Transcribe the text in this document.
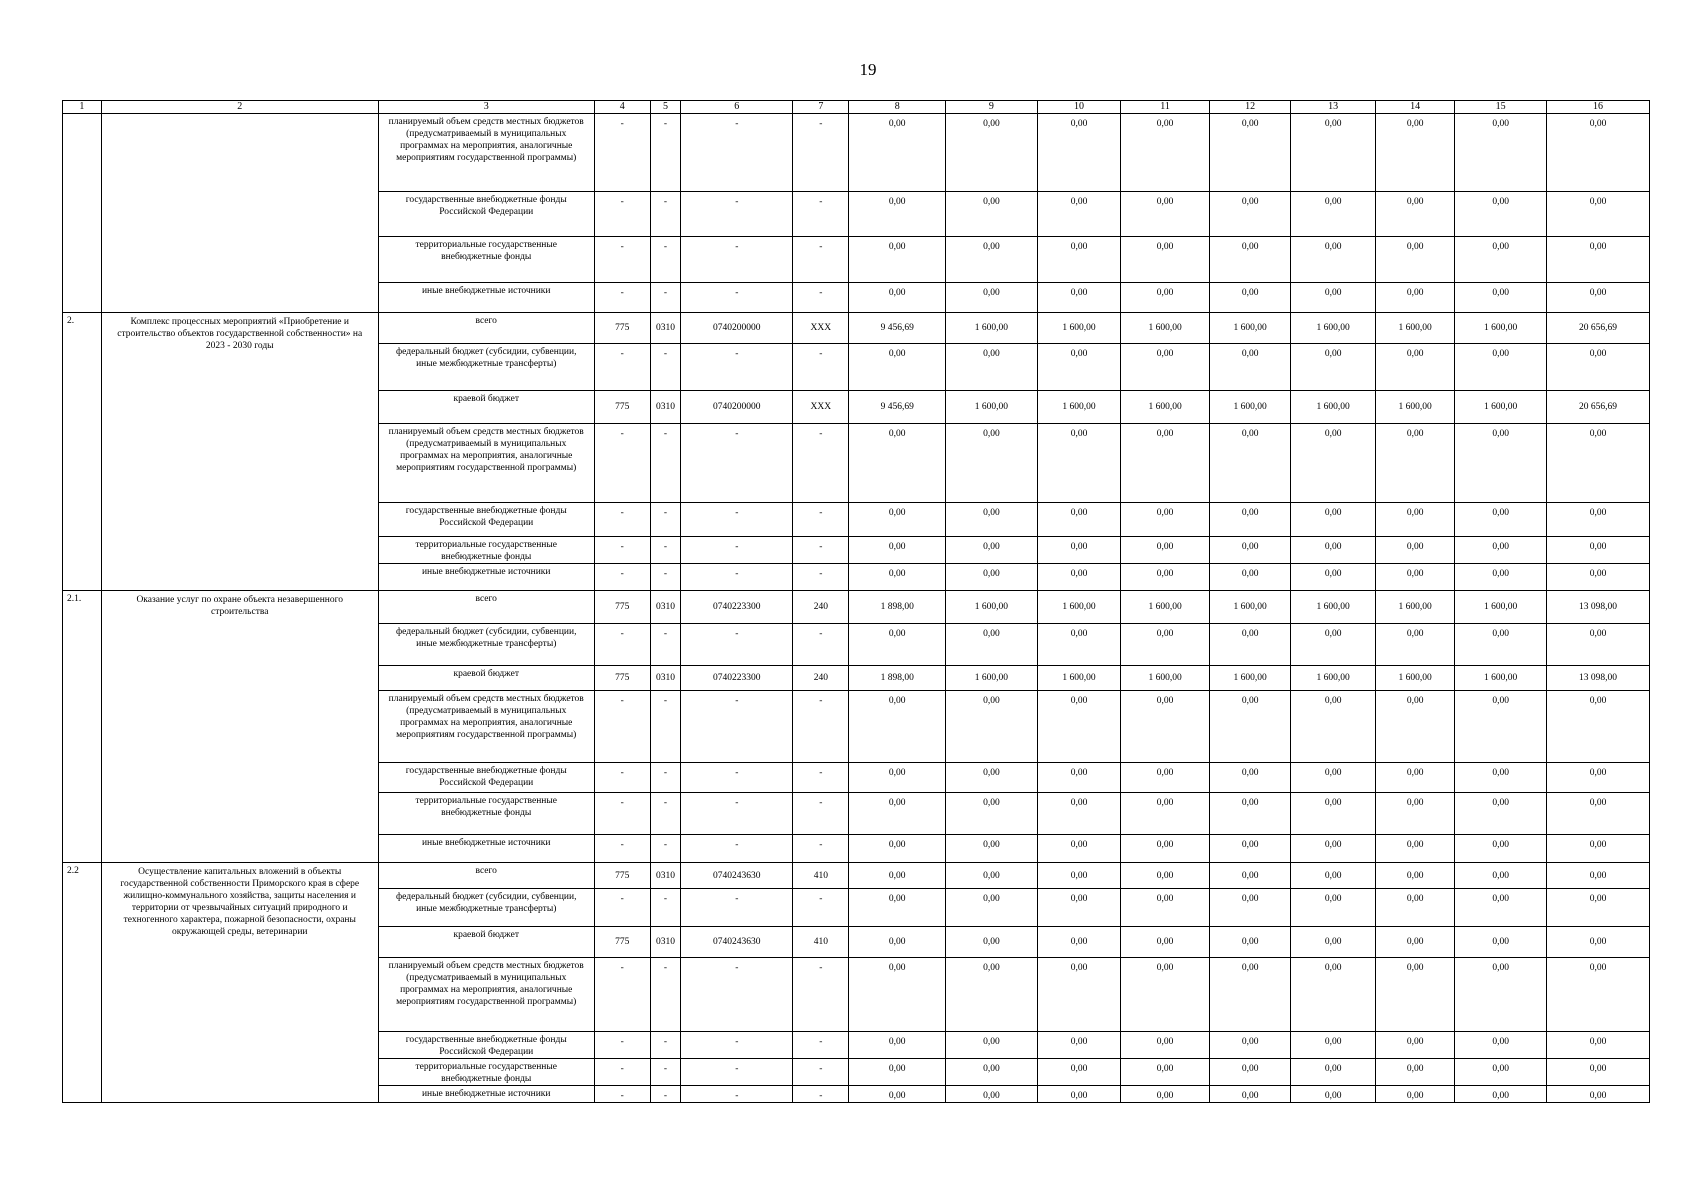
19
1	2	3	4	5	6	7	8	9	10	11	12	13	14	15	16
		планируемый объем средств местных бюджетов (предусматриваемый в муниципальных программах на мероприятия, аналогичные мероприятиям государственной программы)	-	-	-	-	0,00	0,00	0,00	0,00	0,00	0,00	0,00	0,00	0,00
		государственные внебюджетные фонды Российской Федерации	-	-	-	-	0,00	0,00	0,00	0,00	0,00	0,00	0,00	0,00	0,00
		территориальные государственные внебюджетные фонды	-	-	-	-	0,00	0,00	0,00	0,00	0,00	0,00	0,00	0,00	0,00
		иные внебюджетные источники	-	-	-	-	0,00	0,00	0,00	0,00	0,00	0,00	0,00	0,00	0,00
2.	Комплекс процессных мероприятий «Приобретение и строительство объектов государственной собственности» на 2023 - 2030 годы	всего	775	0310	0740200000	XXX	9 456,69	1 600,00	1 600,00	1 600,00	1 600,00	1 600,00	1 600,00	1 600,00	20 656,69
		федеральный бюджет (субсидии, субвенции, иные межбюджетные трансферты)	-	-	-	-	0,00	0,00	0,00	0,00	0,00	0,00	0,00	0,00	0,00
		краевой бюджет	775	0310	0740200000	XXX	9 456,69	1 600,00	1 600,00	1 600,00	1 600,00	1 600,00	1 600,00	1 600,00	20 656,69
		планируемый объем средств местных бюджетов (предусматриваемый в муниципальных программах на мероприятия, аналогичные мероприятиям государственной программы)	-	-	-	-	0,00	0,00	0,00	0,00	0,00	0,00	0,00	0,00	0,00
		государственные внебюджетные фонды Российской Федерации	-	-	-	-	0,00	0,00	0,00	0,00	0,00	0,00	0,00	0,00	0,00
		территориальные государственные внебюджетные фонды	-	-	-	-	0,00	0,00	0,00	0,00	0,00	0,00	0,00	0,00	0,00
		иные внебюджетные источники	-	-	-	-	0,00	0,00	0,00	0,00	0,00	0,00	0,00	0,00	0,00
2.1.	Оказание услуг по охране объекта незавершенного строительства	всего	775	0310	0740223300	240	1 898,00	1 600,00	1 600,00	1 600,00	1 600,00	1 600,00	1 600,00	1 600,00	13 098,00
		федеральный бюджет (субсидии, субвенции, иные межбюджетные трансферты)	-	-	-	-	0,00	0,00	0,00	0,00	0,00	0,00	0,00	0,00	0,00
		краевой бюджет	775	0310	0740223300	240	1 898,00	1 600,00	1 600,00	1 600,00	1 600,00	1 600,00	1 600,00	1 600,00	13 098,00
		планируемый объем средств местных бюджетов (предусматриваемый в муниципальных программах на мероприятия, аналогичные мероприятиям государственной программы)	-	-	-	-	0,00	0,00	0,00	0,00	0,00	0,00	0,00	0,00	0,00
		государственные внебюджетные фонды Российской Федерации	-	-	-	-	0,00	0,00	0,00	0,00	0,00	0,00	0,00	0,00	0,00
		территориальные государственные внебюджетные фонды	-	-	-	-	0,00	0,00	0,00	0,00	0,00	0,00	0,00	0,00	0,00
		иные внебюджетные источники	-	-	-	-	0,00	0,00	0,00	0,00	0,00	0,00	0,00	0,00	0,00
2.2	Осуществление капитальных вложений в объекты государственной собственности Приморского края в сфере жилищно-коммунального хозяйства, защиты населения и территории от чрезвычайных ситуаций природного и техногенного характера, пожарной безопасности, охраны окружающей среды, ветеринарии	всего	775	0310	0740243630	410	0,00	0,00	0,00	0,00	0,00	0,00	0,00	0,00	0,00
		федеральный бюджет (субсидии, субвенции, иные межбюджетные трансферты)	-	-	-	-	0,00	0,00	0,00	0,00	0,00	0,00	0,00	0,00	0,00
		краевой бюджет	775	0310	0740243630	410	0,00	0,00	0,00	0,00	0,00	0,00	0,00	0,00	0,00
		планируемый объем средств местных бюджетов (предусматриваемый в муниципальных программах на мероприятия, аналогичные мероприятиям государственной программы)	-	-	-	-	0,00	0,00	0,00	0,00	0,00	0,00	0,00	0,00	0,00
		государственные внебюджетные фонды Российской Федерации	-	-	-	-	0,00	0,00	0,00	0,00	0,00	0,00	0,00	0,00	0,00
		территориальные государственные внебюджетные фонды	-	-	-	-	0,00	0,00	0,00	0,00	0,00	0,00	0,00	0,00	0,00
		иные внебюджетные источники	-	-	-	-	0,00	0,00	0,00	0,00	0,00	0,00	0,00	0,00	0,00
